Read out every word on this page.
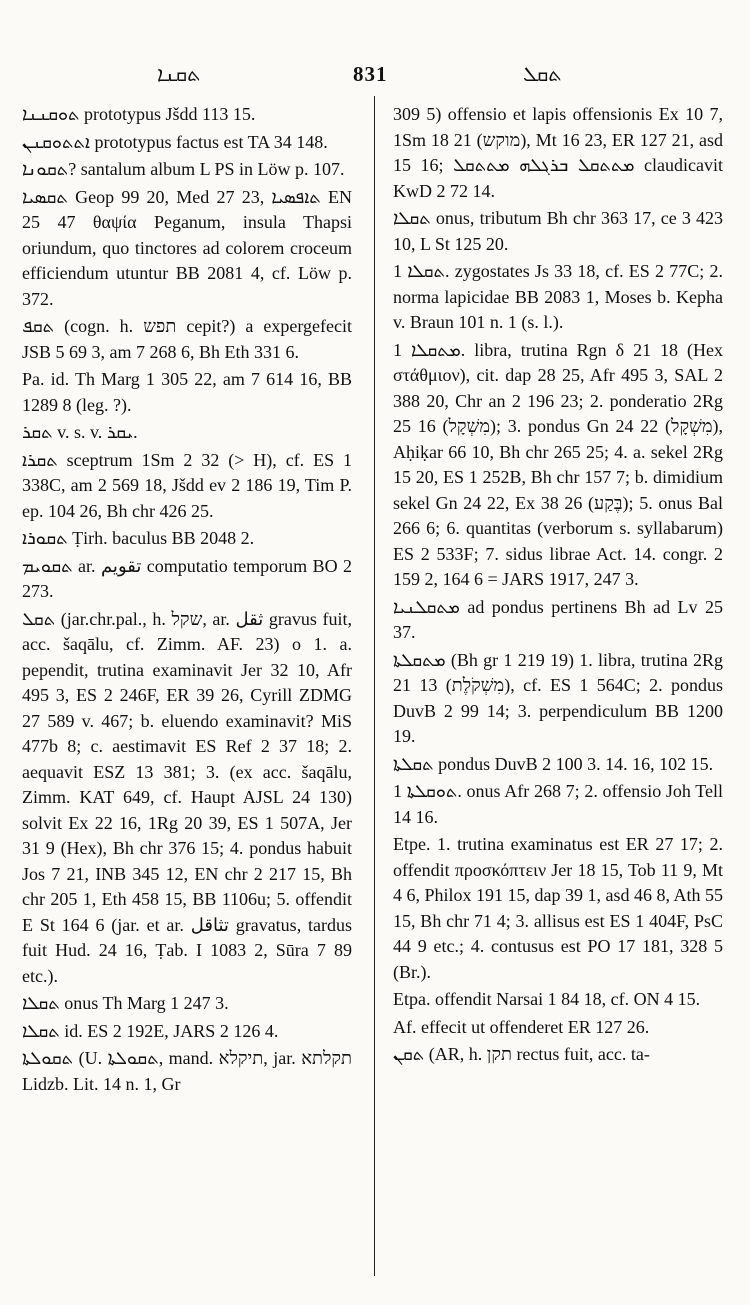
ܬܩܢܐ	831	ܬܩܠ

ܬܘܩܢܢܐ prototypus Jšdd 113 15.

ܐܬܬܘܩܢܢ prototypus factus est TA 34 148.

ܬܩܘܢܐ? santalum album L PS in Löw p. 107.

ܬܩܣܝܐ Geop 99 20, Med 27 23, ܬܐܦܣܝܐ EN 25 47 θαψία Peganum, insula Thapsi oriundum, quo tinctores ad colorem croceum efficiendum utuntur BB 2081 4, cf. Löw p. 372.

ܬܩܦ (cogn. h. תפש cepit?) a expergefecit JSB 5 69 3, am 7 268 6, Bh Eth 331 6.

Pa. id. Th Marg 1 305 22, am 7 614 16, BB 1289 8 (leg. ?).

ܬܩܪ v. s. v. ܝܩܪ.

ܬܩܪܐ sceptrum 1Sm 2 32 (> H), cf. ES 1 338C, am 2 569 18, Jšdd ev 2 186 19, Tim P. ep. 104 26, Bh chr 426 25.

ܬܩܘܪܐ Ṭirh. baculus BB 2048 2.

ܬܩܘܝܡ ar. تقويم computatio temporum BO 2 273.

ܬܩܠ (jar.chr.pal., h. שקל, ar. ثقل gravus fuit, acc. šaqālu, cf. Zimm. AF. 23) o 1. a. pependit, trutina examinavit Jer 32 10, Afr 495 3, ES 2 246F, ER 39 26, Cyrill ZDMG 27 589 v. 467; b. eluendo examinavit? MiS 477b 8; c. aestimavit ES Ref 2 37 18; 2. aequavit ESZ 13 381; 3. (ex acc. šaqālu, Zimm. KAT 649, cf. Haupt AJSL 24 130) solvit Ex 22 16, 1Rg 20 39, ES 1 507A, Jer 31 9 (Hex), Bh chr 376 15; 4. pondus habuit Jos 7 21, INB 345 12, EN chr 2 217 15, Bh chr 205 1, Eth 458 15, BB 1106u; 5. offendit E St 164 6 (jar. et ar. تثاقل gravatus, tardus fuit Hud. 24 16, Ṭab. I 1083 2, Sūra 7 89 etc.).

ܬܩܠܐ onus Th Marg 1 247 3.

ܬܩܠܐ id. ES 2 192E, JARS 2 126 4.

ܬܩܘܠܬܐ (U. ܬܩܘܠܬܐ, mand. תיקלא, jar. תקלתא Lidzb. Lit. 14 n. 1, Gr

309 5) offensio et lapis offensionis Ex 10 7, 1Sm 18 21 (מוקש), Mt 16 23, ER 127 21, asd 15 16; ܡܬܬܩܠ ܒܪܓܠܗ ܡܬܬܩܠ claudicavit KwD 2 72 14.

ܬܩܠܐ onus, tributum Bh chr 363 17, ce 3 423 10, L St 125 20.

ܬܩܠܐ 1. zygostates Js 33 18, cf. ES 2 77C; 2. norma lapicidae BB 2083 1, Moses b. Kepha v. Braun 101 n. 1 (s. l.).

ܡܬܩܠܐ 1. libra, trutina Rgn δ 21 18 (Hex στάθμιον), cit. dap 28 25, Afr 495 3, SAL 2 388 20, Chr an 2 196 23; 2. ponderatio 2Rg 25 16 (מִשְׁקָל); 3. pondus Gn 24 22 (מִשְׁקָל), Aḥiḳar 66 10, Bh chr 265 25; 4. a. sekel 2Rg 15 20, ES 1 252B, Bh chr 157 7; b. dimidium sekel Gn 24 22, Ex 38 26 (בֶּקַע); 5. onus Bal 266 6; 6. quantitas (verborum s. syllabarum) ES 2 533F; 7. sidus librae Act. 14. congr. 2 159 2, 164 6 = JARS 1917, 247 3.

ܡܬܩܠܢܝܐ ad pondus pertinens Bh ad Lv 25 37.

ܡܬܩܠܬܐ (Bh gr 1 219 19) 1. libra, trutina 2Rg 21 13 (מִשְׁקֹלֶת), cf. ES 1 564C; 2. pondus DuvB 2 99 14; 3. perpendiculum BB 1200 19.

ܬܩܠܬܐ pondus DuvB 2 100 3. 14. 16, 102 15.

ܬܘܩܠܬܐ 1. onus Afr 268 7; 2. offensio Joh Tell 14 16.

Etpe. 1. trutina examinatus est ER 27 17; 2. offendit προσκόπτειν Jer 18 15, Tob 11 9, Mt 4 6, Philox 191 15, dap 39 1, asd 46 8, Ath 55 15, Bh chr 71 4; 3. allisus est ES 1 404F, PsC 44 9 etc.; 4. contusus est PO 17 181, 328 5 (Br.).

Etpa. offendit Narsai 1 84 18, cf. ON 4 15.

Af. effecit ut offenderet ER 127 26.

ܬܩܢ (AR, h. תקן rectus fuit, acc. ta-
